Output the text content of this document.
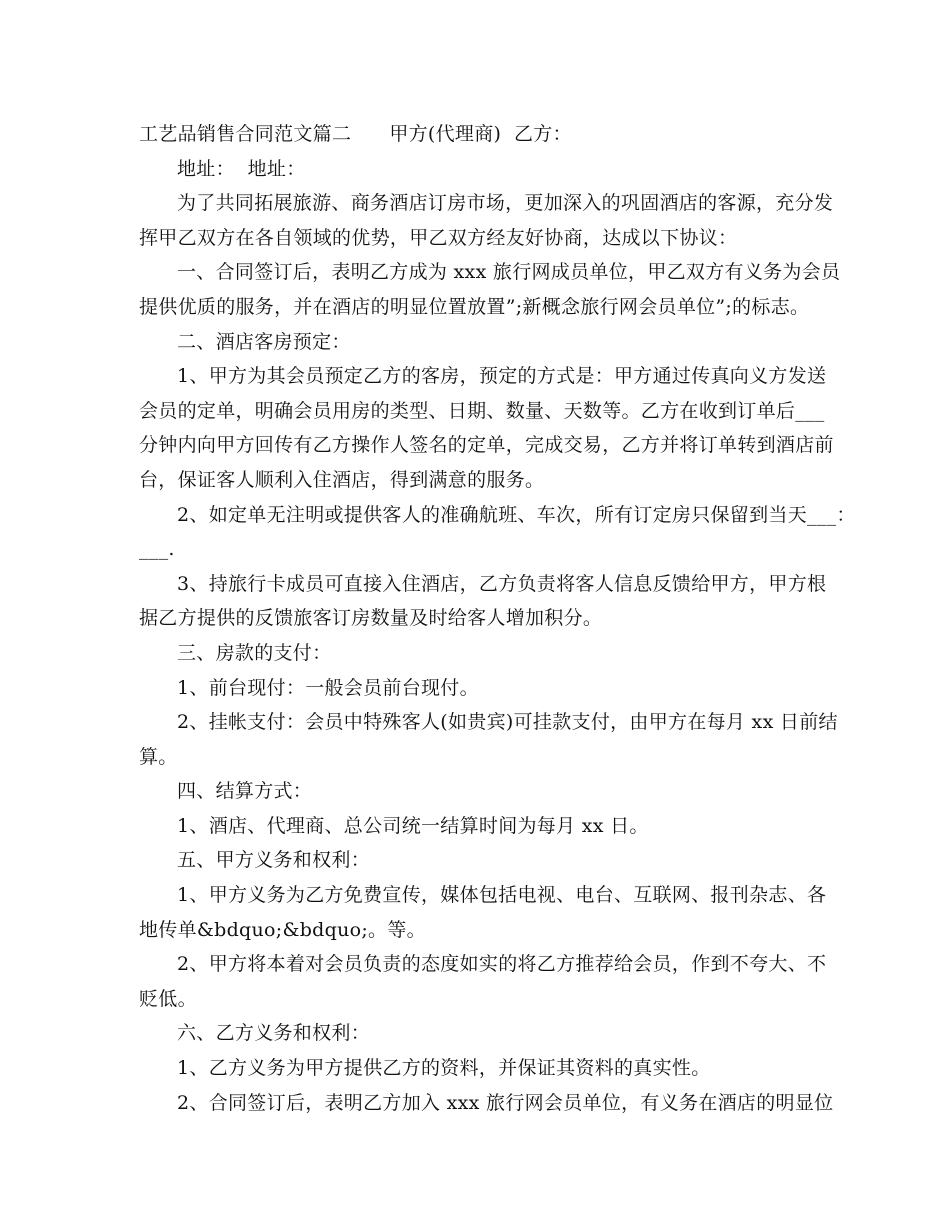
工艺品销售合同范文篇二 甲方(代理商) 乙方：
地址： 地址：
为了共同拓展旅游、商务酒店订房市场，更加深入的巩固酒店的客源，充分发
挥甲乙双方在各自领域的优势，甲乙双方经友好协商，达成以下协议：
一、合同签订后，表明乙方成为 xxx 旅行网成员单位，甲乙双方有义务为会员
提供优质的服务，并在酒店的明显位置放置”;新概念旅行网会员单位”;的标志。
二、酒店客房预定：
1、甲方为其会员预定乙方的客房，预定的方式是：甲方通过传真向义方发送
会员的定单，明确会员用房的类型、日期、数量、天数等。乙方在收到订单后___
分钟内向甲方回传有乙方操作人签名的定单，完成交易，乙方并将订单转到酒店前
台，保证客人顺利入住酒店，得到满意的服务。
2、如定单无注明或提供客人的准确航班、车次，所有订定房只保留到当天___：
___.
3、持旅行卡成员可直接入住酒店，乙方负责将客人信息反馈给甲方，甲方根
据乙方提供的反馈旅客订房数量及时给客人增加积分。
三、房款的支付：
1、前台现付：一般会员前台现付。
2、挂帐支付：会员中特殊客人(如贵宾)可挂款支付，由甲方在每月 xx 日前结
算。
四、结算方式：
1、酒店、代理商、总公司统一结算时间为每月 xx 日。
五、甲方义务和权利：
1、甲方义务为乙方免费宣传，媒体包括电视、电台、互联网、报刊杂志、各
地传单&bdquo;&bdquo;。等。
2、甲方将本着对会员负责的态度如实的将乙方推荐给会员，作到不夸大、不
贬低。
六、乙方义务和权利：
1、乙方义务为甲方提供乙方的资料，并保证其资料的真实性。
2、合同签订后，表明乙方加入 xxx 旅行网会员单位，有义务在酒店的明显位
